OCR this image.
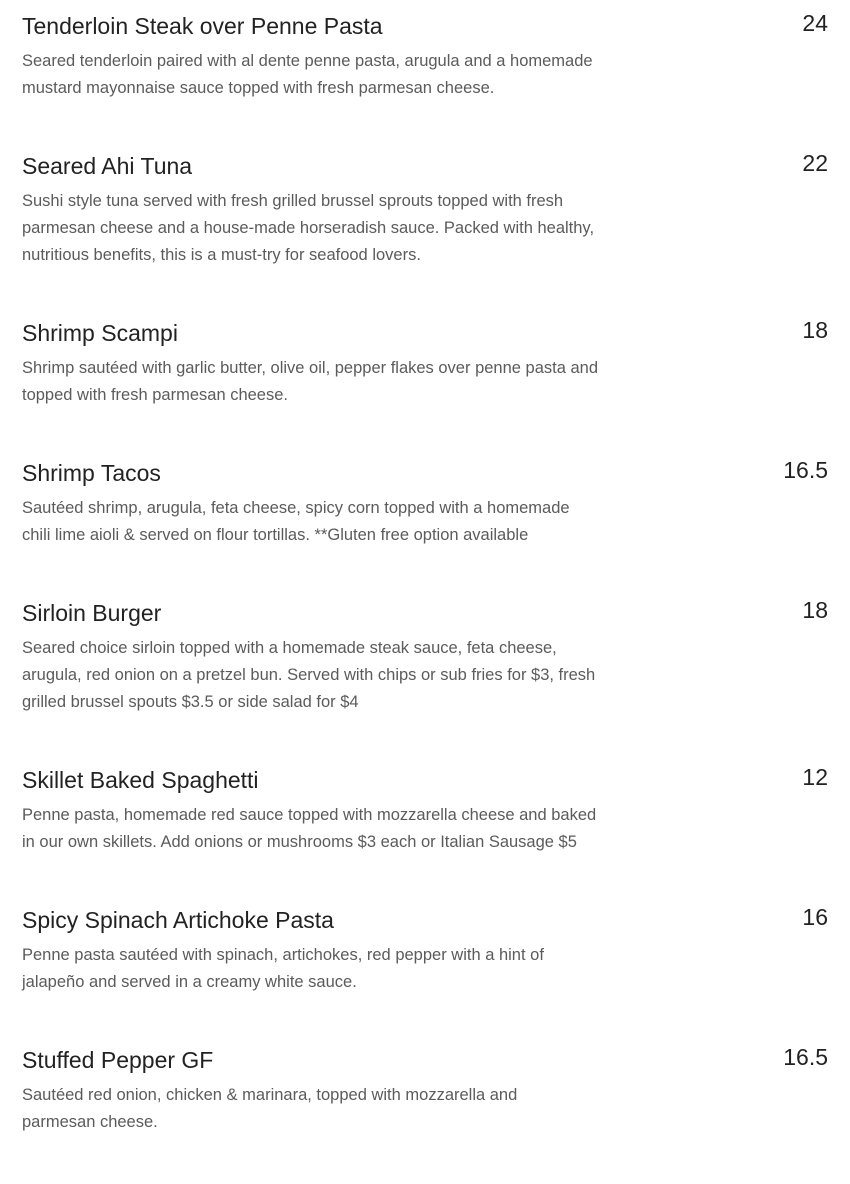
Tenderloin Steak over Penne Pasta	24
Seared tenderloin paired with al dente penne pasta, arugula and a homemade
mustard mayonnaise sauce topped with fresh parmesan cheese.
Seared Ahi Tuna	22
Sushi style tuna served with fresh grilled brussel sprouts topped with fresh
parmesan cheese and a house-made horseradish sauce. Packed with healthy,
nutritious benefits, this is a must-try for seafood lovers.
Shrimp Scampi	18
Shrimp sautéed with garlic butter, olive oil, pepper flakes over penne pasta and
topped with fresh parmesan cheese.
Shrimp Tacos	16.5
Sautéed shrimp, arugula, feta cheese, spicy corn topped with a homemade
chili lime aioli & served on flour tortillas. **Gluten free option available
Sirloin Burger	18
Seared choice sirloin topped with a homemade steak sauce, feta cheese,
arugula, red onion on a pretzel bun. Served with chips or sub fries for $3, fresh
grilled brussel spouts $3.5 or side salad for $4
Skillet Baked Spaghetti	12
Penne pasta, homemade red sauce topped with mozzarella cheese and baked
in our own skillets. Add onions or mushrooms $3 each or Italian Sausage $5
Spicy Spinach Artichoke Pasta	16
Penne pasta sautéed with spinach, artichokes, red pepper with a hint of
jalapeño and served in a creamy white sauce.
Stuffed Pepper GF	16.5
Sautéed red onion, chicken & marinara, topped with mozzarella and
parmesan cheese.
